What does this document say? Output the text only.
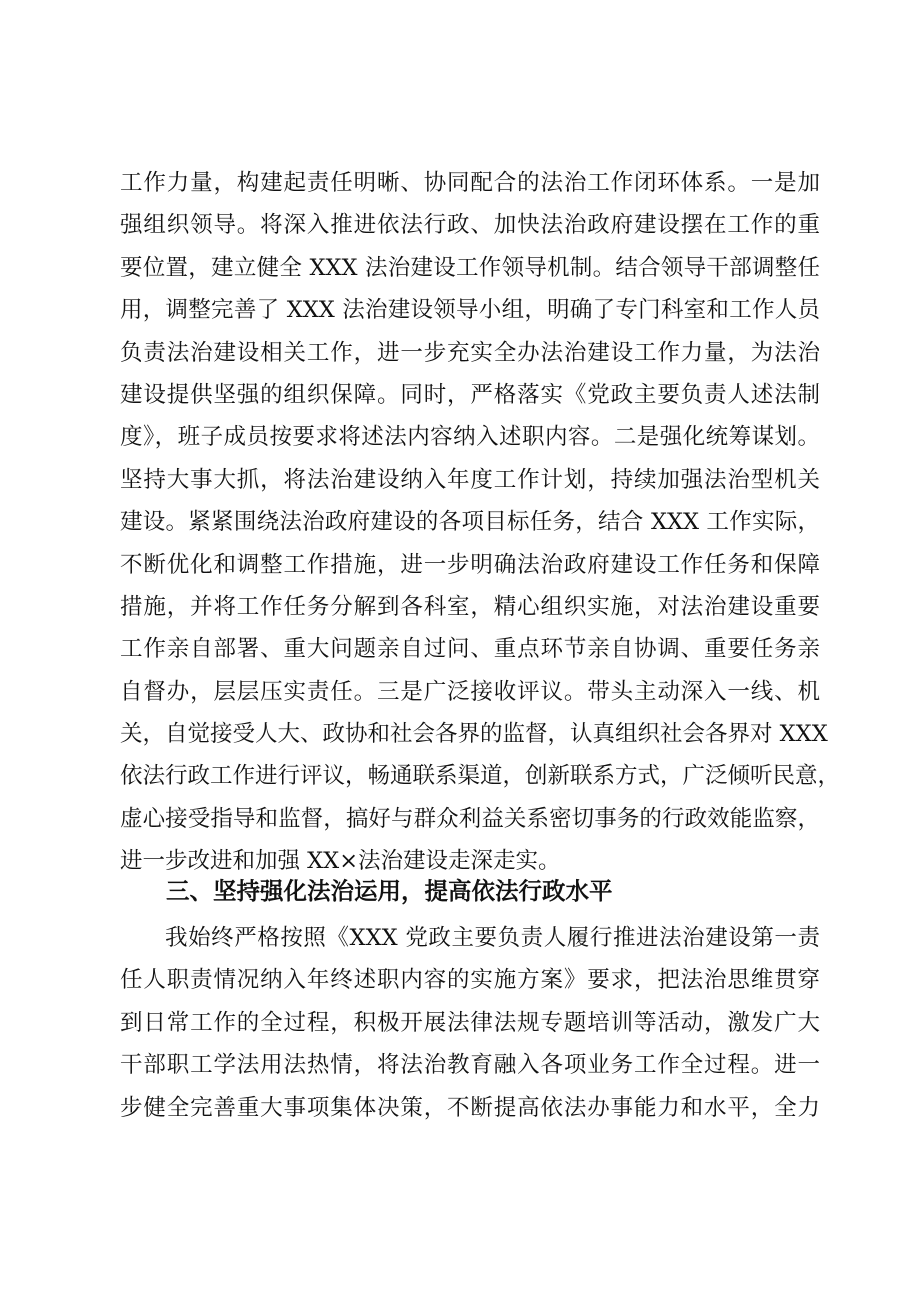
工作力量，构建起责任明晰、协同配合的法治工作闭环体系。一是加
强组织领导。将深入推进依法行政、加快法治政府建设摆在工作的重
要位置，建立健全 XXX 法治建设工作领导机制。结合领导干部调整任
用，调整完善了 XXX 法治建设领导小组，明确了专门科室和工作人员
负责法治建设相关工作，进一步充实全办法治建设工作力量，为法治
建设提供坚强的组织保障。同时，严格落实《党政主要负责人述法制
度》，班子成员按要求将述法内容纳入述职内容。二是强化统筹谋划。
坚持大事大抓，将法治建设纳入年度工作计划，持续加强法治型机关
建设。紧紧围绕法治政府建设的各项目标任务，结合 XXX 工作实际，
不断优化和调整工作措施，进一步明确法治政府建设工作任务和保障
措施，并将工作任务分解到各科室，精心组织实施，对法治建设重要
工作亲自部署、重大问题亲自过问、重点环节亲自协调、重要任务亲
自督办，层层压实责任。三是广泛接收评议。带头主动深入一线、机
关，自觉接受人大、政协和社会各界的监督，认真组织社会各界对 XXX
依法行政工作进行评议，畅通联系渠道，创新联系方式，广泛倾听民意，
虚心接受指导和监督，搞好与群众利益关系密切事务的行政效能监察，
进一步改进和加强 XX×法治建设走深走实。
三、坚持强化法治运用，提高依法行政水平
我始终严格按照《XXX 党政主要负责人履行推进法治建设第一责
任人职责情况纳入年终述职内容的实施方案》要求，把法治思维贯穿
到日常工作的全过程，积极开展法律法规专题培训等活动，激发广大
干部职工学法用法热情，将法治教育融入各项业务工作全过程。进一
步健全完善重大事项集体决策，不断提高依法办事能力和水平，全力
